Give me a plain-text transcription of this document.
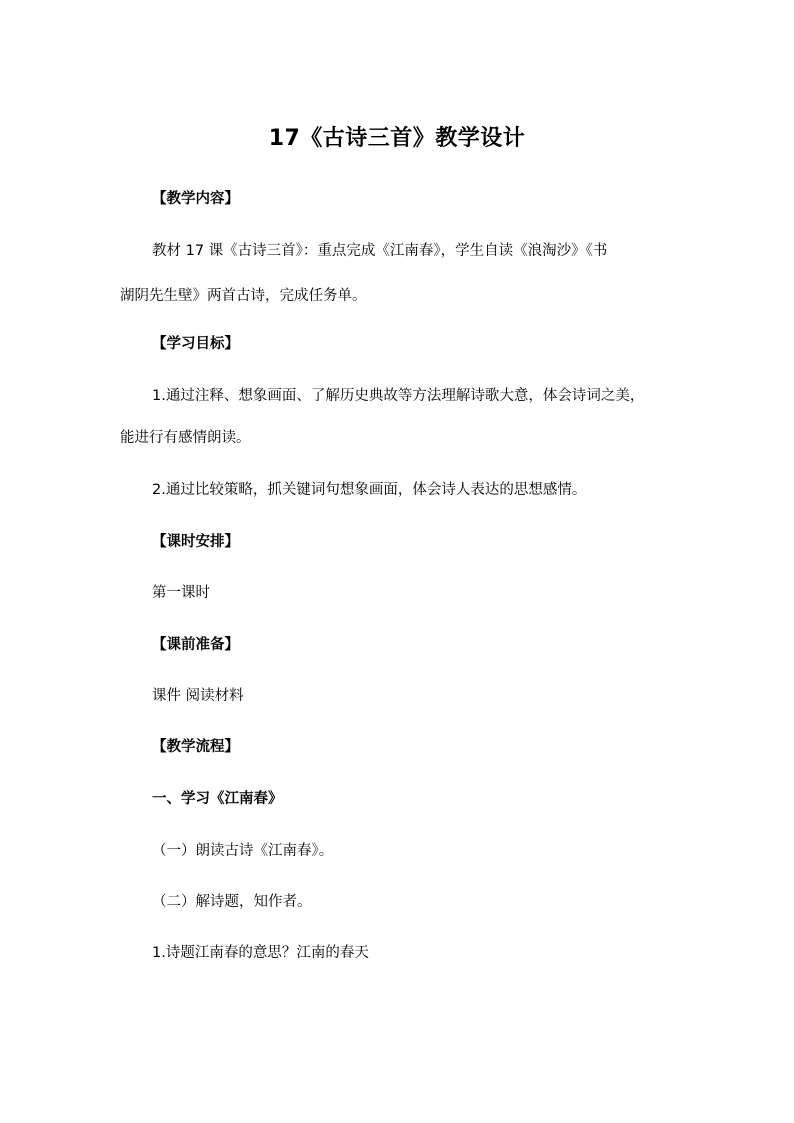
17《古诗三首》教学设计
【教学内容】
教材 17 课《古诗三首》：重点完成《江南春》，学生自读《浪淘沙》《书
湖阴先生壁》两首古诗，完成任务单。
【学习目标】
1.通过注释、想象画面、了解历史典故等方法理解诗歌大意，体会诗词之美，
能进行有感情朗读。
2.通过比较策略，抓关键词句想象画面，体会诗人表达的思想感情。
【课时安排】
第一课时
【课前准备】
课件 阅读材料
【教学流程】
一、学习《江南春》
（一）朗读古诗《江南春》。
（二）解诗题，知作者。
1.诗题江南春的意思？江南的春天
